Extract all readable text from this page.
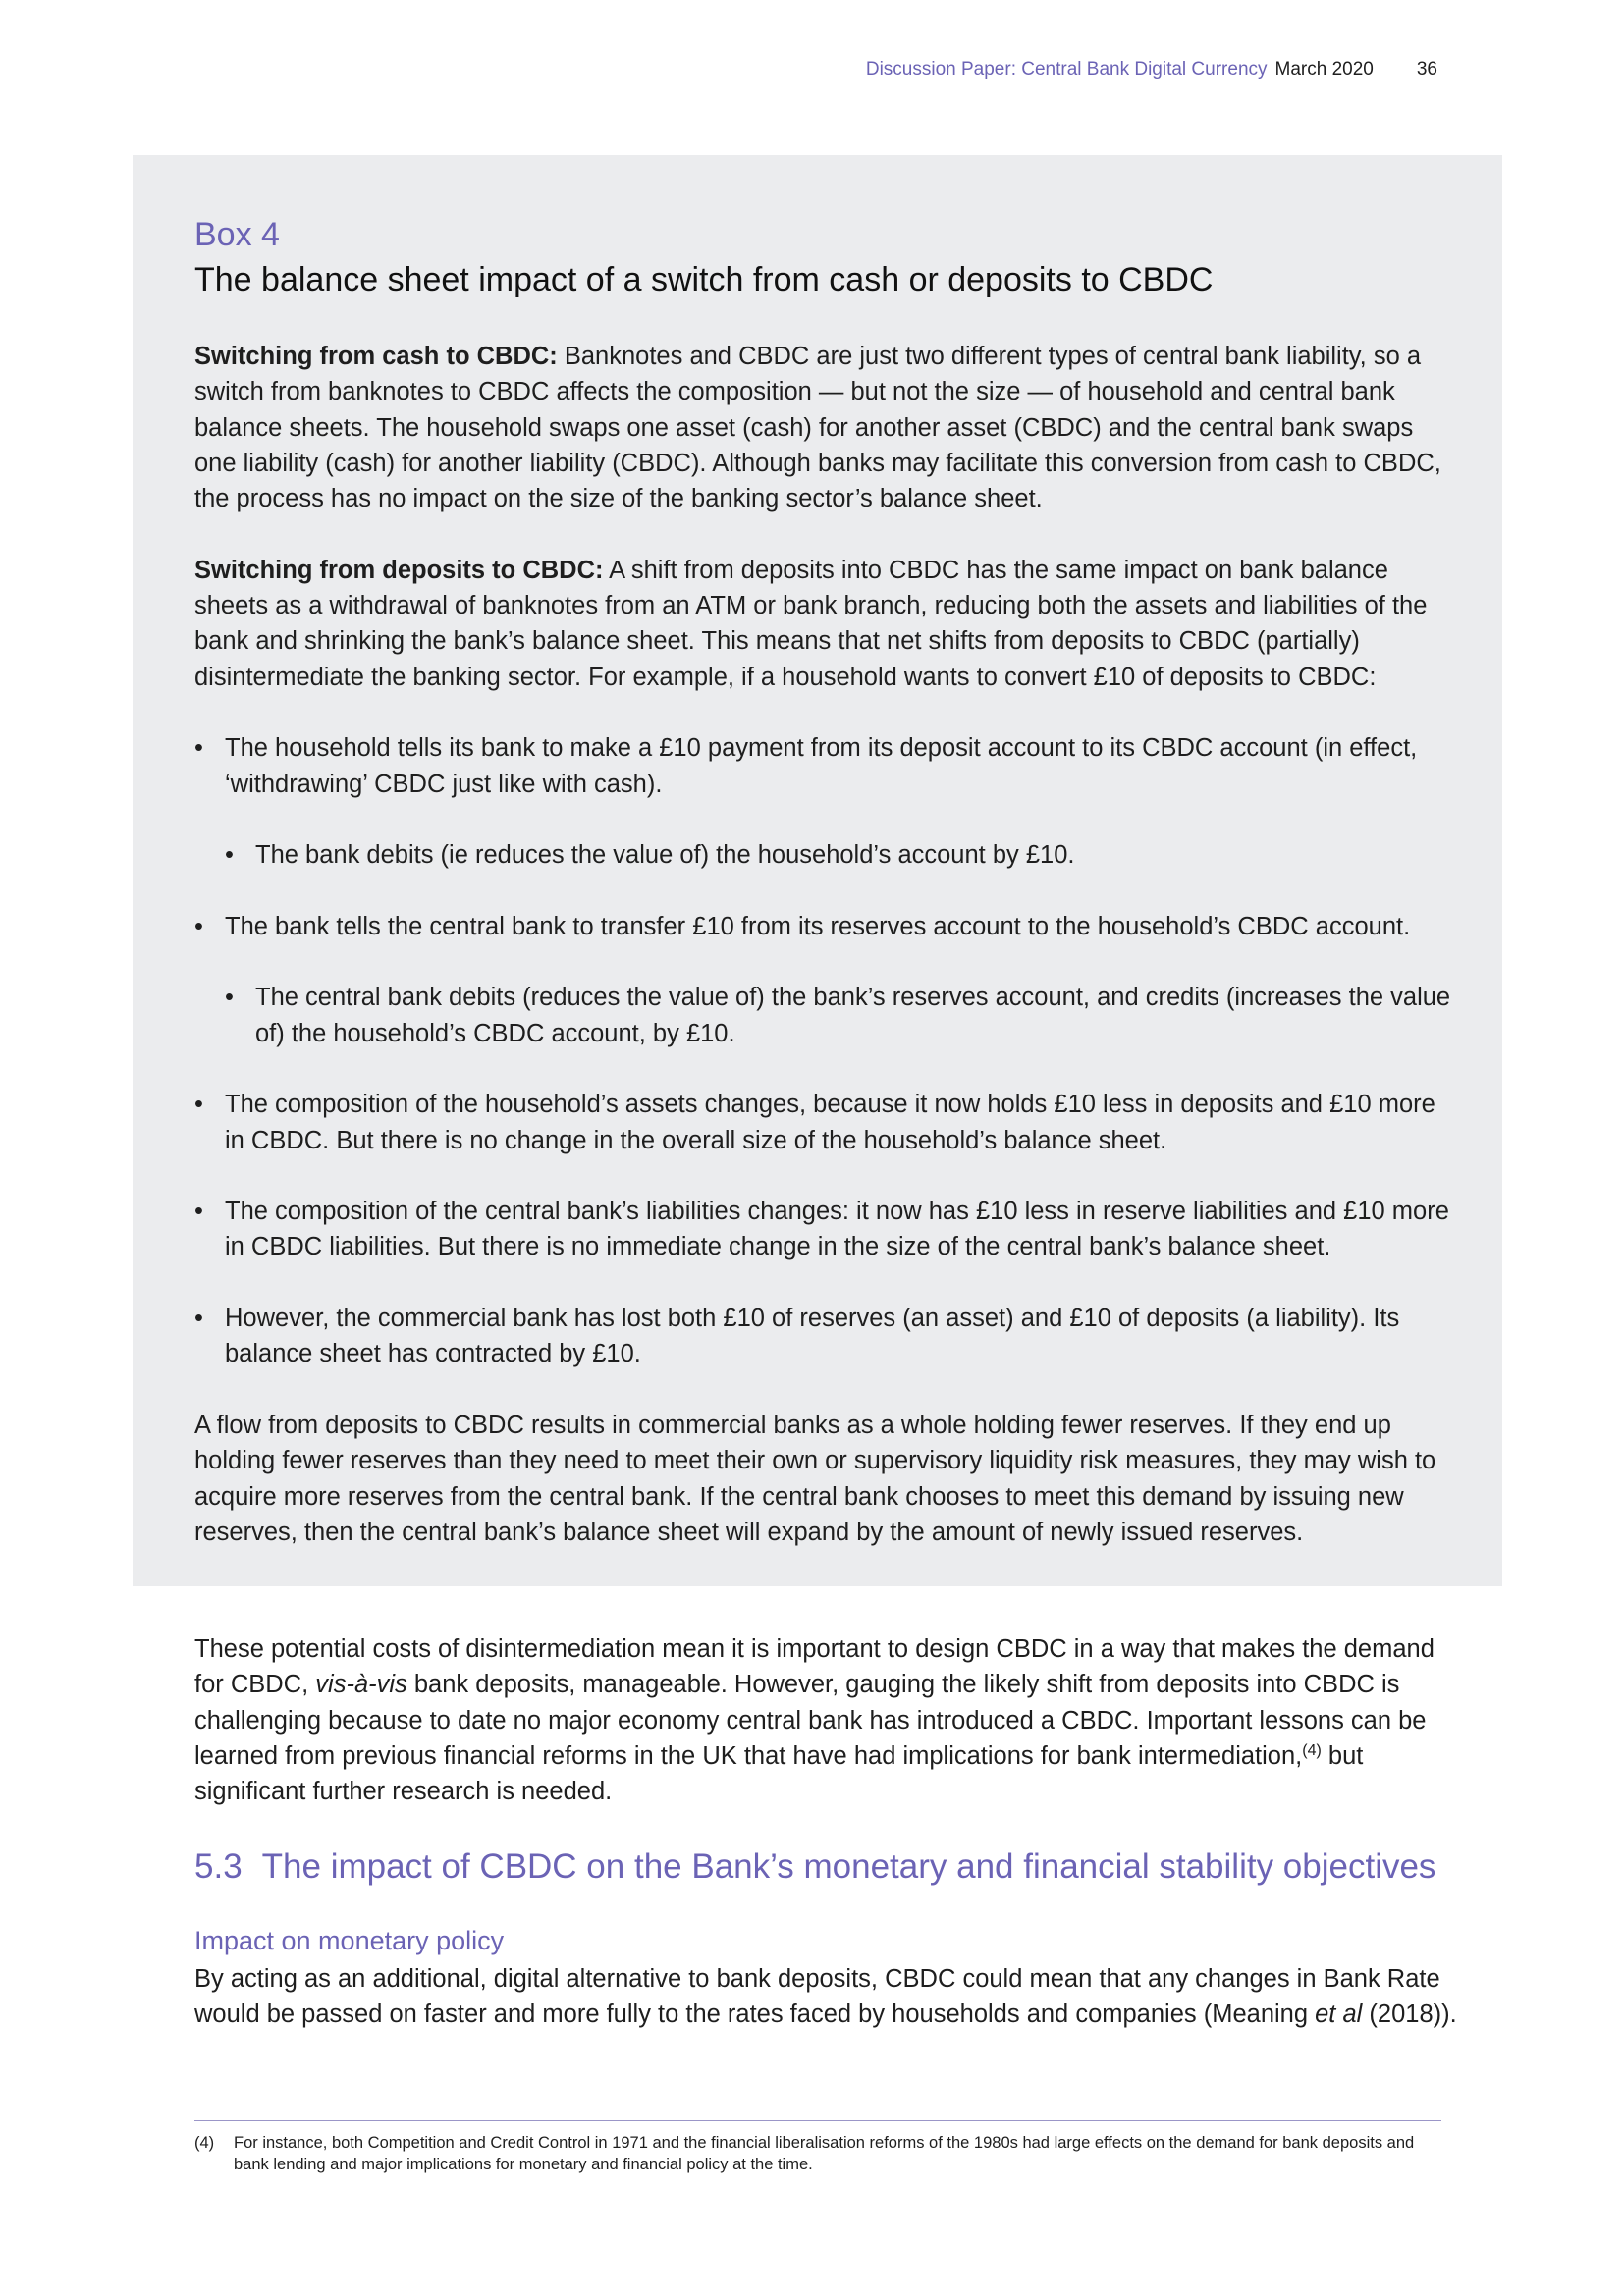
Discussion Paper: Central Bank Digital Currency March 2020 36
Box 4
The balance sheet impact of a switch from cash or deposits to CBDC

Switching from cash to CBDC: Banknotes and CBDC are just two different types of central bank liability, so a switch from banknotes to CBDC affects the composition — but not the size — of household and central bank balance sheets. The household swaps one asset (cash) for another asset (CBDC) and the central bank swaps one liability (cash) for another liability (CBDC). Although banks may facilitate this conversion from cash to CBDC, the process has no impact on the size of the banking sector’s balance sheet.

Switching from deposits to CBDC: A shift from deposits into CBDC has the same impact on bank balance sheets as a withdrawal of banknotes from an ATM or bank branch, reducing both the assets and liabilities of the bank and shrinking the bank’s balance sheet. This means that net shifts from deposits to CBDC (partially) disintermediate the banking sector. For example, if a household wants to convert £10 of deposits to CBDC:

• The household tells its bank to make a £10 payment from its deposit account to its CBDC account (in effect, ‘withdrawing’ CBDC just like with cash).
• The bank debits (ie reduces the value of) the household’s account by £10.
• The bank tells the central bank to transfer £10 from its reserves account to the household’s CBDC account.
• The central bank debits (reduces the value of) the bank’s reserves account, and credits (increases the value of) the household’s CBDC account, by £10.
• The composition of the household’s assets changes, because it now holds £10 less in deposits and £10 more in CBDC. But there is no change in the overall size of the household’s balance sheet.
• The composition of the central bank’s liabilities changes: it now has £10 less in reserve liabilities and £10 more in CBDC liabilities. But there is no immediate change in the size of the central bank’s balance sheet.
• However, the commercial bank has lost both £10 of reserves (an asset) and £10 of deposits (a liability). Its balance sheet has contracted by £10.

A flow from deposits to CBDC results in commercial banks as a whole holding fewer reserves. If they end up holding fewer reserves than they need to meet their own or supervisory liquidity risk measures, they may wish to acquire more reserves from the central bank. If the central bank chooses to meet this demand by issuing new reserves, then the central bank’s balance sheet will expand by the amount of newly issued reserves.

These potential costs of disintermediation mean it is important to design CBDC in a way that makes the demand for CBDC, vis-à-vis bank deposits, manageable. However, gauging the likely shift from deposits into CBDC is challenging because to date no major economy central bank has introduced a CBDC. Important lessons can be learned from previous financial reforms in the UK that have had implications for bank intermediation,$^{(4)}$ but significant further research is needed.

5.3 The impact of CBDC on the Bank’s monetary and financial stability objectives
Impact on monetary policy

By acting as an additional, digital alternative to bank deposits, CBDC could mean that any changes in Bank Rate would be passed on faster and more fully to the rates faced by households and companies (Meaning et al (2018)).

(4) For instance, both Competition and Credit Control in 1971 and the financial liberalisation reforms of the 1980s had large effects on the demand for bank deposits and bank lending and major implications for monetary and financial policy at the time.
